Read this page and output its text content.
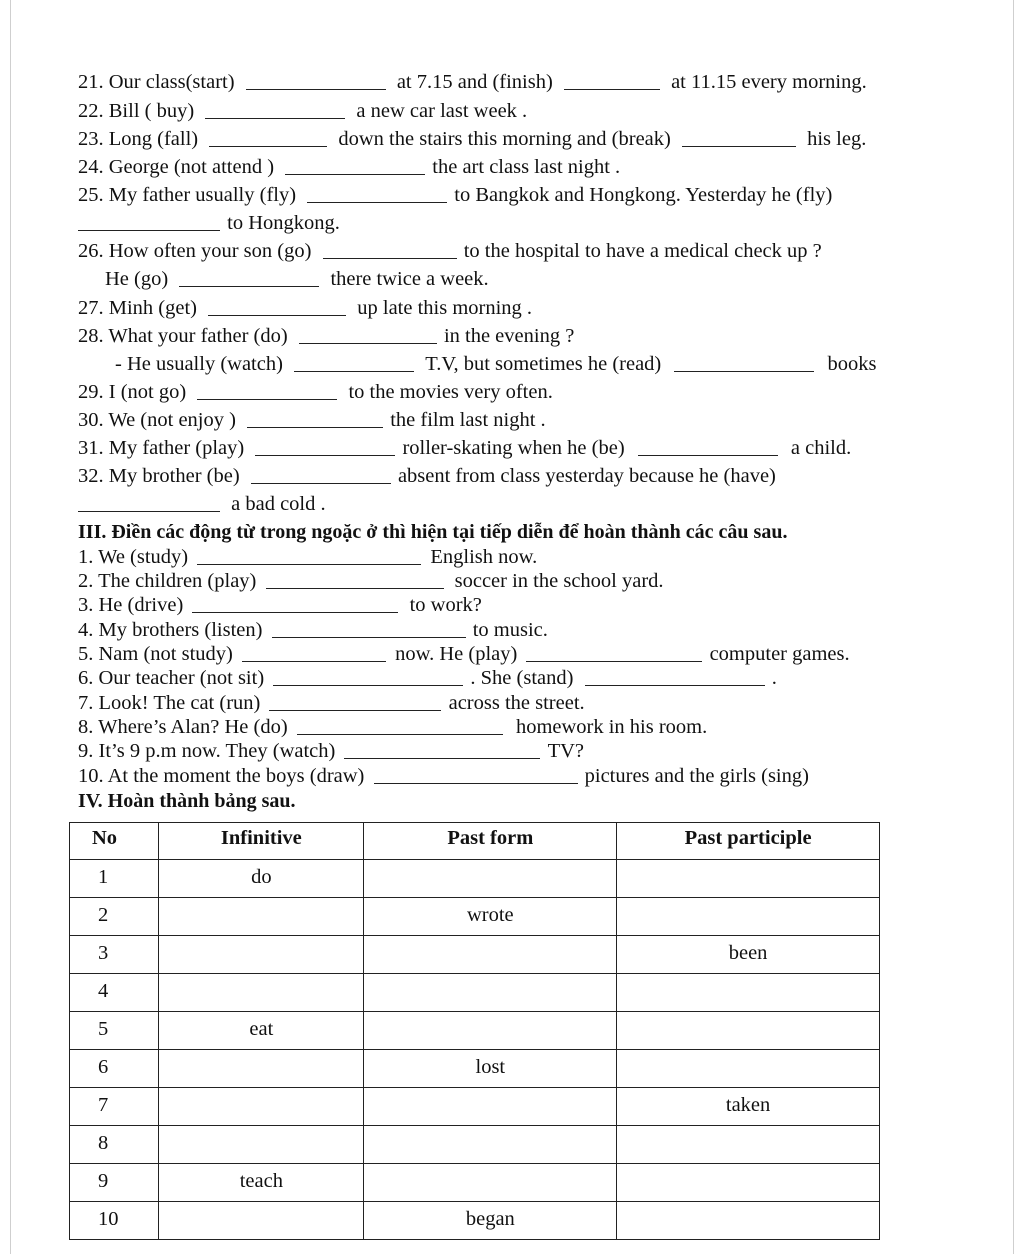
21. Our class(start)	at 7.15 and (finish)	at 11.15 every morning.
22. Bill ( buy)	a new car last week .
23. Long (fall)	down the stairs this morning and (break)	his leg.
24. George (not attend )	the art class last night .
25. My father usually (fly)	to Bangkok and Hongkong. Yesterday he (fly)
to Hongkong.
26. How often your son (go)	to the hospital to have a medical check up ?
He (go)	there twice a week.
27. Minh (get)	up late this morning .
28. What your father (do)	in the evening ?
- He usually (watch)	T.V, but sometimes he (read)	books
29. I (not go)	to the movies very often.
30. We (not enjoy )	the film last night .
31. My father (play)	roller-skating when he (be)	a child.
32. My brother (be)	absent from class yesterday because he (have)
a bad cold .
III. Điền các động từ trong ngoặc ở thì hiện tại tiếp diễn để hoàn thành các câu sau.
1. We (study)	English now.
2. The children (play)	soccer in the school yard.
3. He (drive)	to work?
4. My brothers (listen)	to music.
5. Nam (not study)	now. He (play)	computer games.
6. Our teacher (not sit)	. She (stand)	.
7. Look! The cat (run)	across the street.
8. Where’s Alan? He (do)	homework in his room.
9. It’s 9 p.m now. They (watch)	TV?
10. At the moment the boys (draw)	pictures and the girls (sing)
IV. Hoàn thành bảng sau.
No	Infinitive	Past form	Past participle
1	do		
2		wrote	
3			been
4			
5	eat		
6		lost	
7			taken
8			
9	teach		
10		began	
